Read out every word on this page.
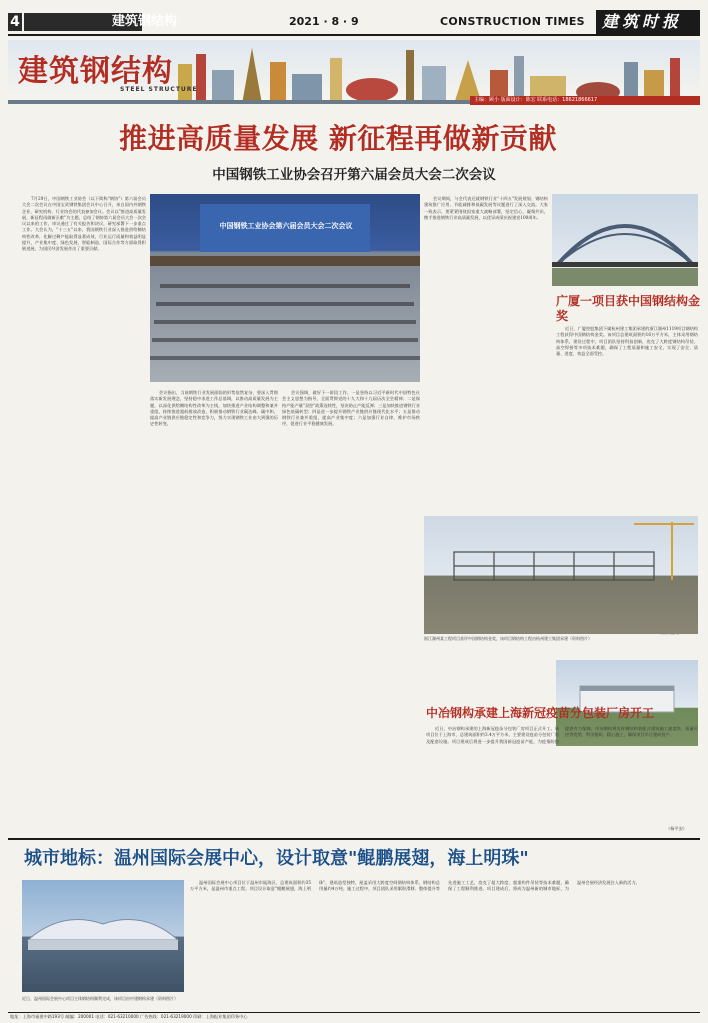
4	建筑钢结构	2021 · 8 · 9	CONSTRUCTION TIMES 建筑时报
建筑钢结构
STEEL STRUCTURE
主编：顾小 版面设计：陈宏 联系电话：18621866617
推进高质量发展 新征程再做新贡献
中国钢铁工业协会召开第六届会员大会二次会议
中国钢铁工业协会第六届会员大会二次会议

7月29日，中国钢铁工业协会（以下简称"钢协"）第六届会员大会二次会议在中国宝武钢铁集团会议中心召开，来自国内外钢铁企业、研究机构、行业协会的代表参加会议。会议以"推进高质量发展，新征程再做新贡献"为主题，总结了钢协第六届会员大会一次会议以来的工作，审议通过了有关报告和决议，研究部署下一步重点工作。大会认为，"十三五"以来，我国钢铁行业深入推进供给侧结构性改革，化解过剩产能取得显著成效，行业运行质量和效益明显提升，产业集中度、绿色发展、智能制造、国际合作等方面取得积极进展，为国民经济发展作出了重要贡献。

会议指出，当前钢铁行业发展面临的形势依然复杂，要深入贯彻落实新发展理念，坚持稳中求进工作总基调，以推动高质量发展为主题，以深化供给侧结构性改革为主线，加快推进产业结构调整和兼并重组，持续推进超低排放改造，积极推动钢铁行业碳达峰、碳中和，提高产业链供应链稳定性和竞争力，努力实现钢铁工业由大到强的历史性转变。

会议强调，做好下一阶段工作，一是坚持以习近平新时代中国特色社会主义思想为指导，全面贯彻党的十九大和十九届历次全会精神；二是保持产能产量"双控"政策连续性，坚决防止产能反弹；三是加快推进钢铁行业绿色低碳转型；四是进一步提升钢铁产业链供应链现代化水平；五是推动钢铁行业兼并重组，提高产业集中度；六是加强行业自律，维护市场秩序，促进行业平稳健康发展。

会议期间，与会代表还就钢铁行业"十四五"发展规划、钢结构建筑推广应用、节能减排和低碳发展等议题进行了深入交流。大家一致表示，要紧紧围绕国家重大战略部署，坚定信心，凝聚共识，携手推进钢铁行业高质量发展，以优异成绩庆祝建党100周年。

广厦一项目获中国钢结构金奖

近日，广厦控股集团下属杭州建工集团承建的浙江湖州1119项目钢结构工程获得中国钢结构金奖。该项目总建筑面积约16万平方米，主体采用钢结构体系，建设过程中，项目团队坚持科技创新，攻克了大跨度钢结构吊装、高空焊接等多项技术难题，确保了工程质量和施工安全，实现了安全、质量、进度、效益全面受控。

浙江湖州某工程项目获评中国钢结构金奖，该项目钢结构工程由杭州建工集团承建（资料图片）
中冶钢构承建上海新冠疫苗分包装厂房开工

近日，中冶钢构承建的上海新冠疫苗分包装厂房项目正式开工。该项目位于上海市，总建筑面积约3.4万平方米，主要建设疫苗分包装厂房及配套设施。项目建成后将进一步提升我国新冠疫苗产能，为疫情防控提供有力保障。中冶钢构将发挥钢结构装配式建筑施工速度快、质量可控等优势，科学组织、精心施工，确保项目早日建成投产。

（杨平安）
城市地标：温州国际会展中心，设计取意"鲲鹏展翅，海上明珠"
近日，温州国际会展中心项目主体钢结构顺利完成，该项目由中建钢构承建（资料图片）

温州国际会展中心项目位于温州市瓯海区，总建筑面积约35万平方米，是温州市重点工程。项目设计取意"鲲鹏展翅，海上明珠"，建筑造型独特，屋盖采用大跨度空间钢结构体系，钢结构总用量约4万吨。施工过程中，项目团队采用累积滑移、整体提升等先进施工工艺，攻克了超大跨度、超重构件吊装等技术难题，确保了工程顺利推进。项目建成后，将成为温州新的城市地标，为温州会展经济发展注入新的活力。

地址：上海市福建中路193号 邮编：200001 电话：021-63210000 广告热线：021-63219000 印刷：上海报业集团印务中心
